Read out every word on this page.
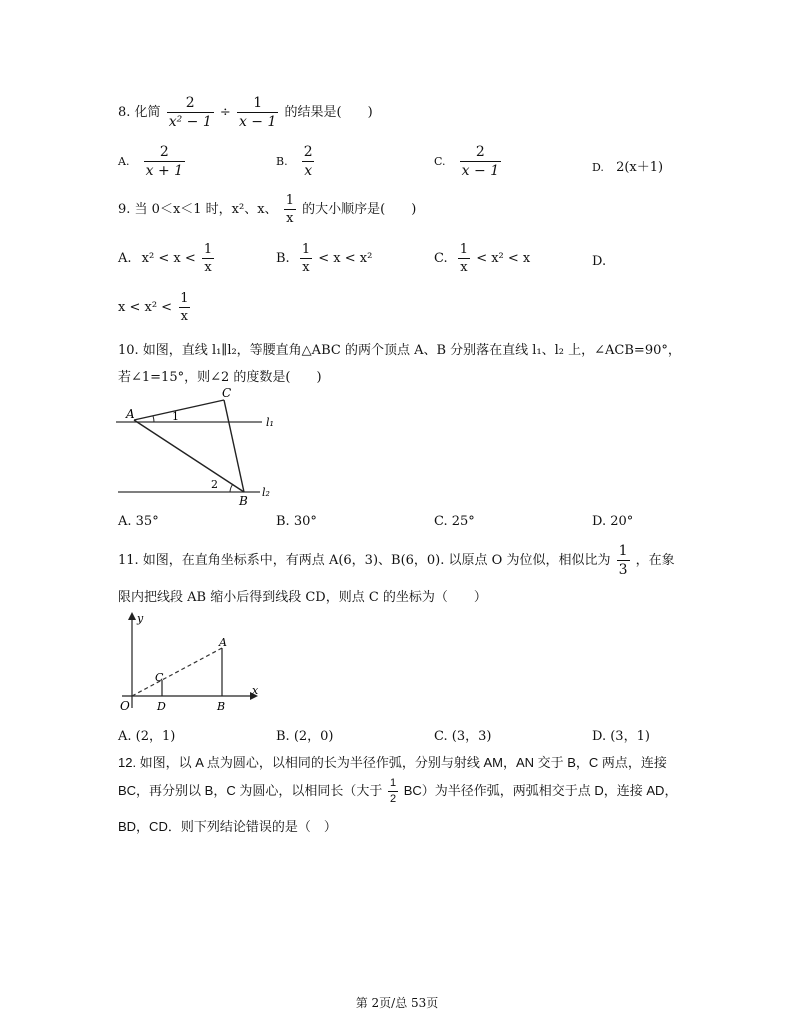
8. 化简 $\frac{2}{\text{x² − 1}} \div \frac{1}{x - 1}$ 的结果是(　　)
A. $\frac{2}{x + 1}$	B. $\frac{2}{x}$	C. $\frac{2}{x - 1}$	D. 2(x＋1)
9. 当 0＜x＜1 时，x²、x、 $\frac{1}{x}$ 的大小顺序是(　　)
A. $x^2 < x < \frac{1}{x}$	B. $\frac{1}{x} < x < x^2$	C. $\frac{1}{x} < x^2 < x$	D.
$x < x^2 < \frac{1}{x}$
10. 如图，直线 l₁∥l₂，等腰直角△ABC 的两个顶点 A、B 分别落在直线 l₁、l₂ 上，∠ACB=90°，
若∠1=15°，则∠2 的度数是(　　)
A
C
B
1
2
l₁
l₂
A. 35°	B. 30°	C. 25°	D. 20°
11. 如图，在直角坐标系中，有两点 A(6，3)、B(6，0). 以原点 O 为位似，相似比为 $\frac{1}{3}$ ，在象
限内把线段 AB 缩小后得到线段 CD，则点 C 的坐标为（　　）
y
x
O
A
B
C
D
A. (2，1)	B. (2，0)	C. (3，3)	D. (3，1)
12. 如图，以 A 点为圆心，以相同的长为半径作弧，分别与射线 AM，AN 交于 B，C 两点，连接
BC，再分别以 B，C 为圆心，以相同长（大于 $\frac{1}{2} BC$）为半径作弧，两弧相交于点 D，连接 AD，
BD，CD．则下列结论错误的是（　）
第 2页/总 53页
